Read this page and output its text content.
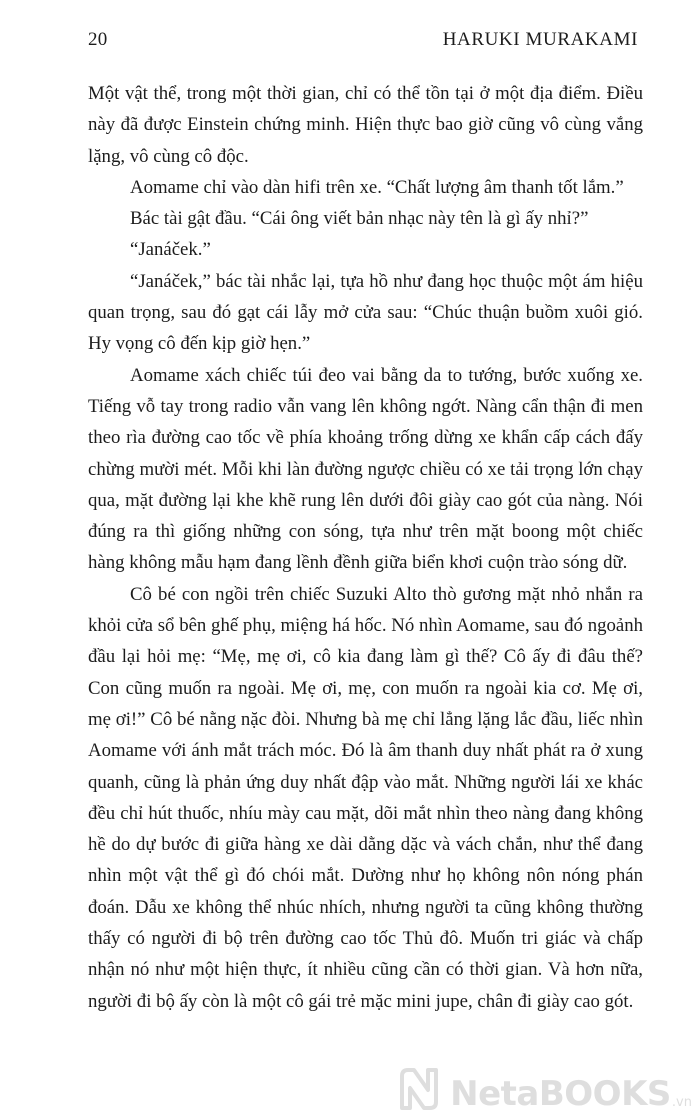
20	HARUKI MURAKAMI

Một vật thể, trong một thời gian, chỉ có thể tồn tại ở một địa điểm. Điều này đã được Einstein chứng minh. Hiện thực bao giờ cũng vô cùng vắng lặng, vô cùng cô độc.

Aomame chỉ vào dàn hifi trên xe. “Chất lượng âm thanh tốt lắm.”

Bác tài gật đầu. “Cái ông viết bản nhạc này tên là gì ấy nhỉ?”

“Janáček.”

“Janáček,” bác tài nhắc lại, tựa hồ như đang học thuộc một ám hiệu quan trọng, sau đó gạt cái lẫy mở cửa sau: “Chúc thuận buồm xuôi gió. Hy vọng cô đến kịp giờ hẹn.”

Aomame xách chiếc túi đeo vai bằng da to tướng, bước xuống xe. Tiếng vỗ tay trong radio vẫn vang lên không ngớt. Nàng cẩn thận đi men theo rìa đường cao tốc về phía khoảng trống dừng xe khẩn cấp cách đấy chừng mười mét. Mỗi khi làn đường ngược chiều có xe tải trọng lớn chạy qua, mặt đường lại khe khẽ rung lên dưới đôi giày cao gót của nàng. Nói đúng ra thì giống những con sóng, tựa như trên mặt boong một chiếc hàng không mẫu hạm đang lềnh đềnh giữa biển khơi cuộn trào sóng dữ.

Cô bé con ngồi trên chiếc Suzuki Alto thò gương mặt nhỏ nhắn ra khỏi cửa sổ bên ghế phụ, miệng há hốc. Nó nhìn Aomame, sau đó ngoảnh đầu lại hỏi mẹ: “Mẹ, mẹ ơi, cô kia đang làm gì thế? Cô ấy đi đâu thế? Con cũng muốn ra ngoài. Mẹ ơi, mẹ, con muốn ra ngoài kia cơ. Mẹ ơi, mẹ ơi!” Cô bé nằng nặc đòi. Nhưng bà mẹ chỉ lẳng lặng lắc đầu, liếc nhìn Aomame với ánh mắt trách móc. Đó là âm thanh duy nhất phát ra ở xung quanh, cũng là phản ứng duy nhất đập vào mắt. Những người lái xe khác đều chỉ hút thuốc, nhíu mày cau mặt, dõi mắt nhìn theo nàng đang không hề do dự bước đi giữa hàng xe dài dằng dặc và vách chắn, như thể đang nhìn một vật thể gì đó chói mắt. Dường như họ không nôn nóng phán đoán. Dẫu xe không thể nhúc nhích, nhưng người ta cũng không thường thấy có người đi bộ trên đường cao tốc Thủ đô. Muốn tri giác và chấp nhận nó như một hiện thực, ít nhiều cũng cần có thời gian. Và hơn nữa, người đi bộ ấy còn là một cô gái trẻ mặc mini jupe, chân đi giày cao gót.

NetaBOOKS .vn
